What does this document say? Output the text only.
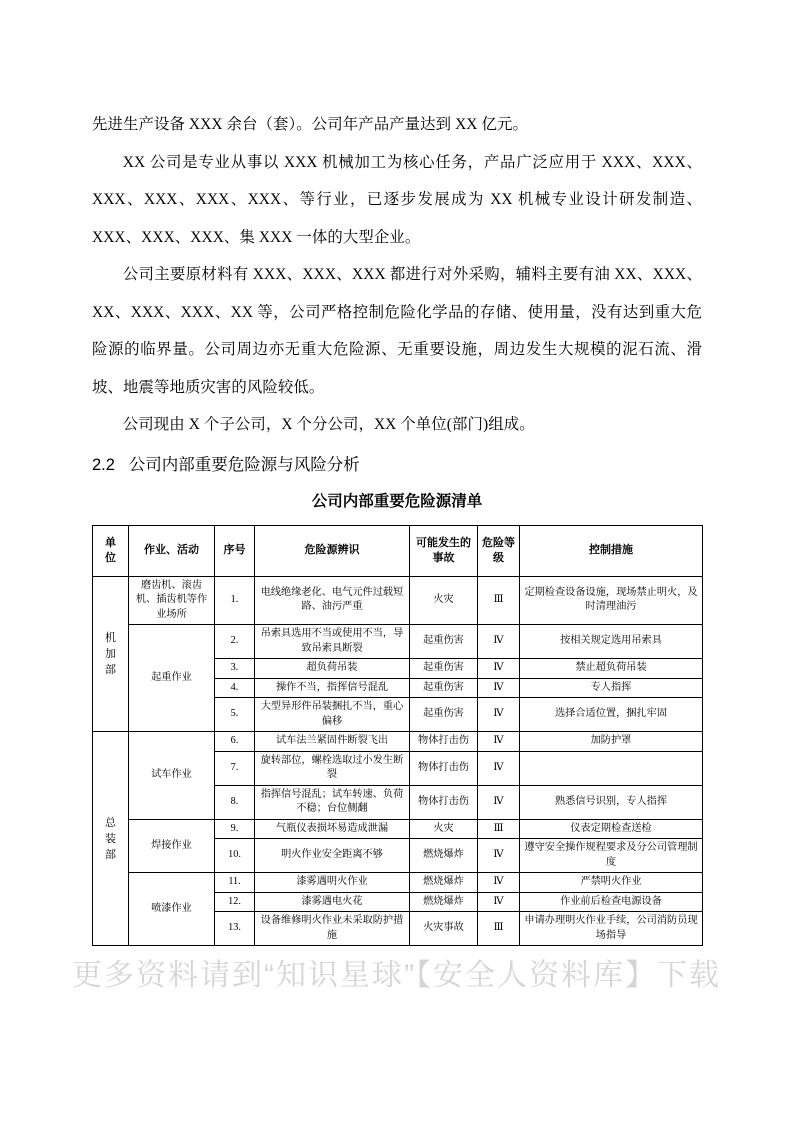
先进生产设备 XXX 余台（套）。公司年产品产量达到 XX 亿元。

XX 公司是专业从事以 XXX 机械加工为核心任务，产品广泛应用于 XXX、XXX、XXX、XXX、XXX、XXX、等行业，已逐步发展成为 XX 机械专业设计研发制造、XXX、XXX、XXX、集 XXX 一体的大型企业。

公司主要原材料有 XXX、XXX、XXX 都进行对外采购，辅料主要有油 XX、XXX、XX、XXX、XXX、XX 等，公司严格控制危险化学品的存储、使用量，没有达到重大危险源的临界量。公司周边亦无重大危险源、无重要设施，周边发生大规模的泥石流、滑坡、地震等地质灾害的风险较低。

公司现由 X 个子公司，X 个分公司，XX 个单位(部门)组成。

2.2   公司内部重要危险源与风险分析
公司内部重要危险源清单
单位	作业、活动	序号	危险源辨识	可能发生的事故	危险等级	控制措施

机加部	磨齿机、滚齿机、插齿机等作业场所	1.	电线绝缘老化、电气元件过载短路、油污严重	火灾	Ⅲ	定期检查设备设施，现场禁止明火，及时清理油污
	起重作业	2.	吊索具选用不当或使用不当，导致吊索具断裂	起重伤害	Ⅳ	按相关规定选用吊索具
		3.	超负荷吊装	起重伤害	Ⅳ	禁止超负荷吊装
		4.	操作不当，指挥信号混乱	起重伤害	Ⅳ	专人指挥
		5.	大型异形件吊装捆扎不当，重心偏移	起重伤害	Ⅳ	选择合适位置，捆扎牢固

总装部	试车作业	6.	试车法兰紧固件断裂飞出	物体打击伤	Ⅳ	加防护罩
		7.	旋转部位，螺栓选取过小发生断裂	物体打击伤	Ⅳ	
		8.	指挥信号混乱；试车转速、负荷不稳；台位侧翻	物体打击伤	Ⅳ	熟悉信号识别，专人指挥
	焊接作业	9.	气瓶仪表损坏易造成泄漏	火灾	Ⅲ	仪表定期检查送检
		10.	明火作业安全距离不够	燃烧爆炸	Ⅳ	遵守安全操作规程要求及分公司管理制度
	喷漆作业	11.	漆雾遇明火作业	燃烧爆炸	Ⅳ	严禁明火作业
		12.	漆雾遇电火花	燃烧爆炸	Ⅳ	作业前后检查电源设备
		13.	设备维修明火作业未采取防护措施	火灾事故	Ⅲ	申请办理明火作业手续，公司消防员现场指导
更多资料请到“知识星球”【安全人资料库】下载
